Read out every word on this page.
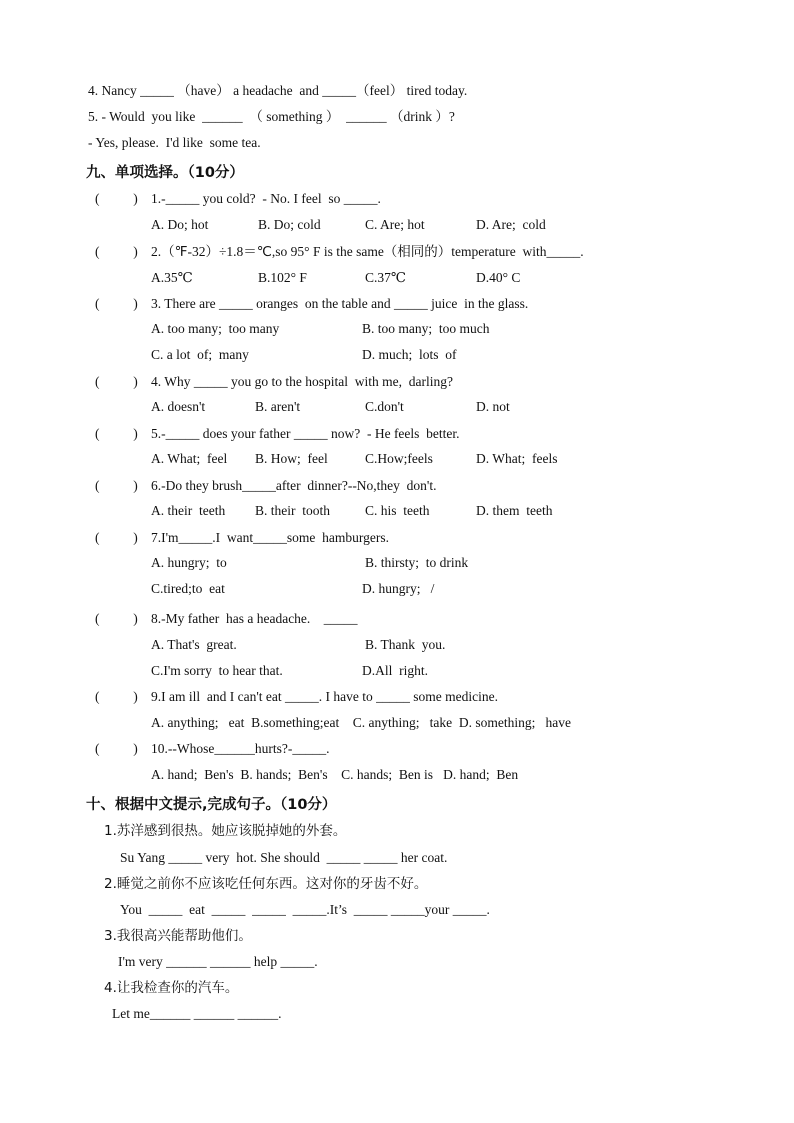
4. Nancy _____ （have） a headache  and _____（feel） tired today.
5. - Would  you like  ______  （ something ）  ______ （drink ）?
- Yes, please.  I'd like  some tea.
九、单项选择。（10分）
(          ) 1.-_____ you cold?  - No. I feel  so _____.
A. Do; hot	B. Do; cold	C. Are; hot	D. Are;  cold
(          ) 2.（℉-32）÷1.8＝℃,so 95° F is the same（相同的）temperature  with_____.
A.35℃	B.102° F	C.37℃	D.40° C
(          ) 3. There are _____ oranges  on the table and _____ juice  in the glass.
A. too many;  too many	B. too many;  too much
C. a lot  of;  many	D. much;  lots  of
(          ) 4. Why _____ you go to the hospital  with me,  darling?
A. doesn't	B. aren't	C.don't	D. not
(          ) 5.-_____ does your father _____ now?  - He feels  better.
A. What;  feel B. How;  feel	C.How;feels	D. What;  feels
(          ) 6.-Do they brush_____after  dinner?--No,they  don't.
A. their  teeth B. their  tooth	C. his  teeth	D. them  teeth
(          ) 7.I'm_____.I  want_____some  hamburgers.
A. hungry;  to	B. thirsty;  to drink
C.tired;to  eat	D. hungry;   /
(          ) 8.-My father  has a headache.    _____
A. That's  great.	B. Thank  you.
C.I'm sorry  to hear that.	D.All  right.
(          ) 9.I am ill  and I can't eat _____. I have to _____ some medicine.
A. anything;   eat  B.something;eat    C. anything;   take  D. something;   have
(          ) 10.--Whose______hurts?-_____.
A. hand;  Ben's  B. hands;  Ben's    C. hands;  Ben is   D. hand;  Ben
十、根据中文提示,完成句子。（10分）
1.苏洋感到很热。她应该脱掉她的外套。
Su Yang _____ very  hot. She should  _____ _____ her coat.
2.睡觉之前你不应该吃任何东西。这对你的牙齿不好。
You  _____  eat  _____  _____  _____.It’s  _____ _____your _____.
3.我很高兴能帮助他们。
I'm very ______ ______ help _____.
4.让我检查你的汽车。
Let me______ ______ ______.
